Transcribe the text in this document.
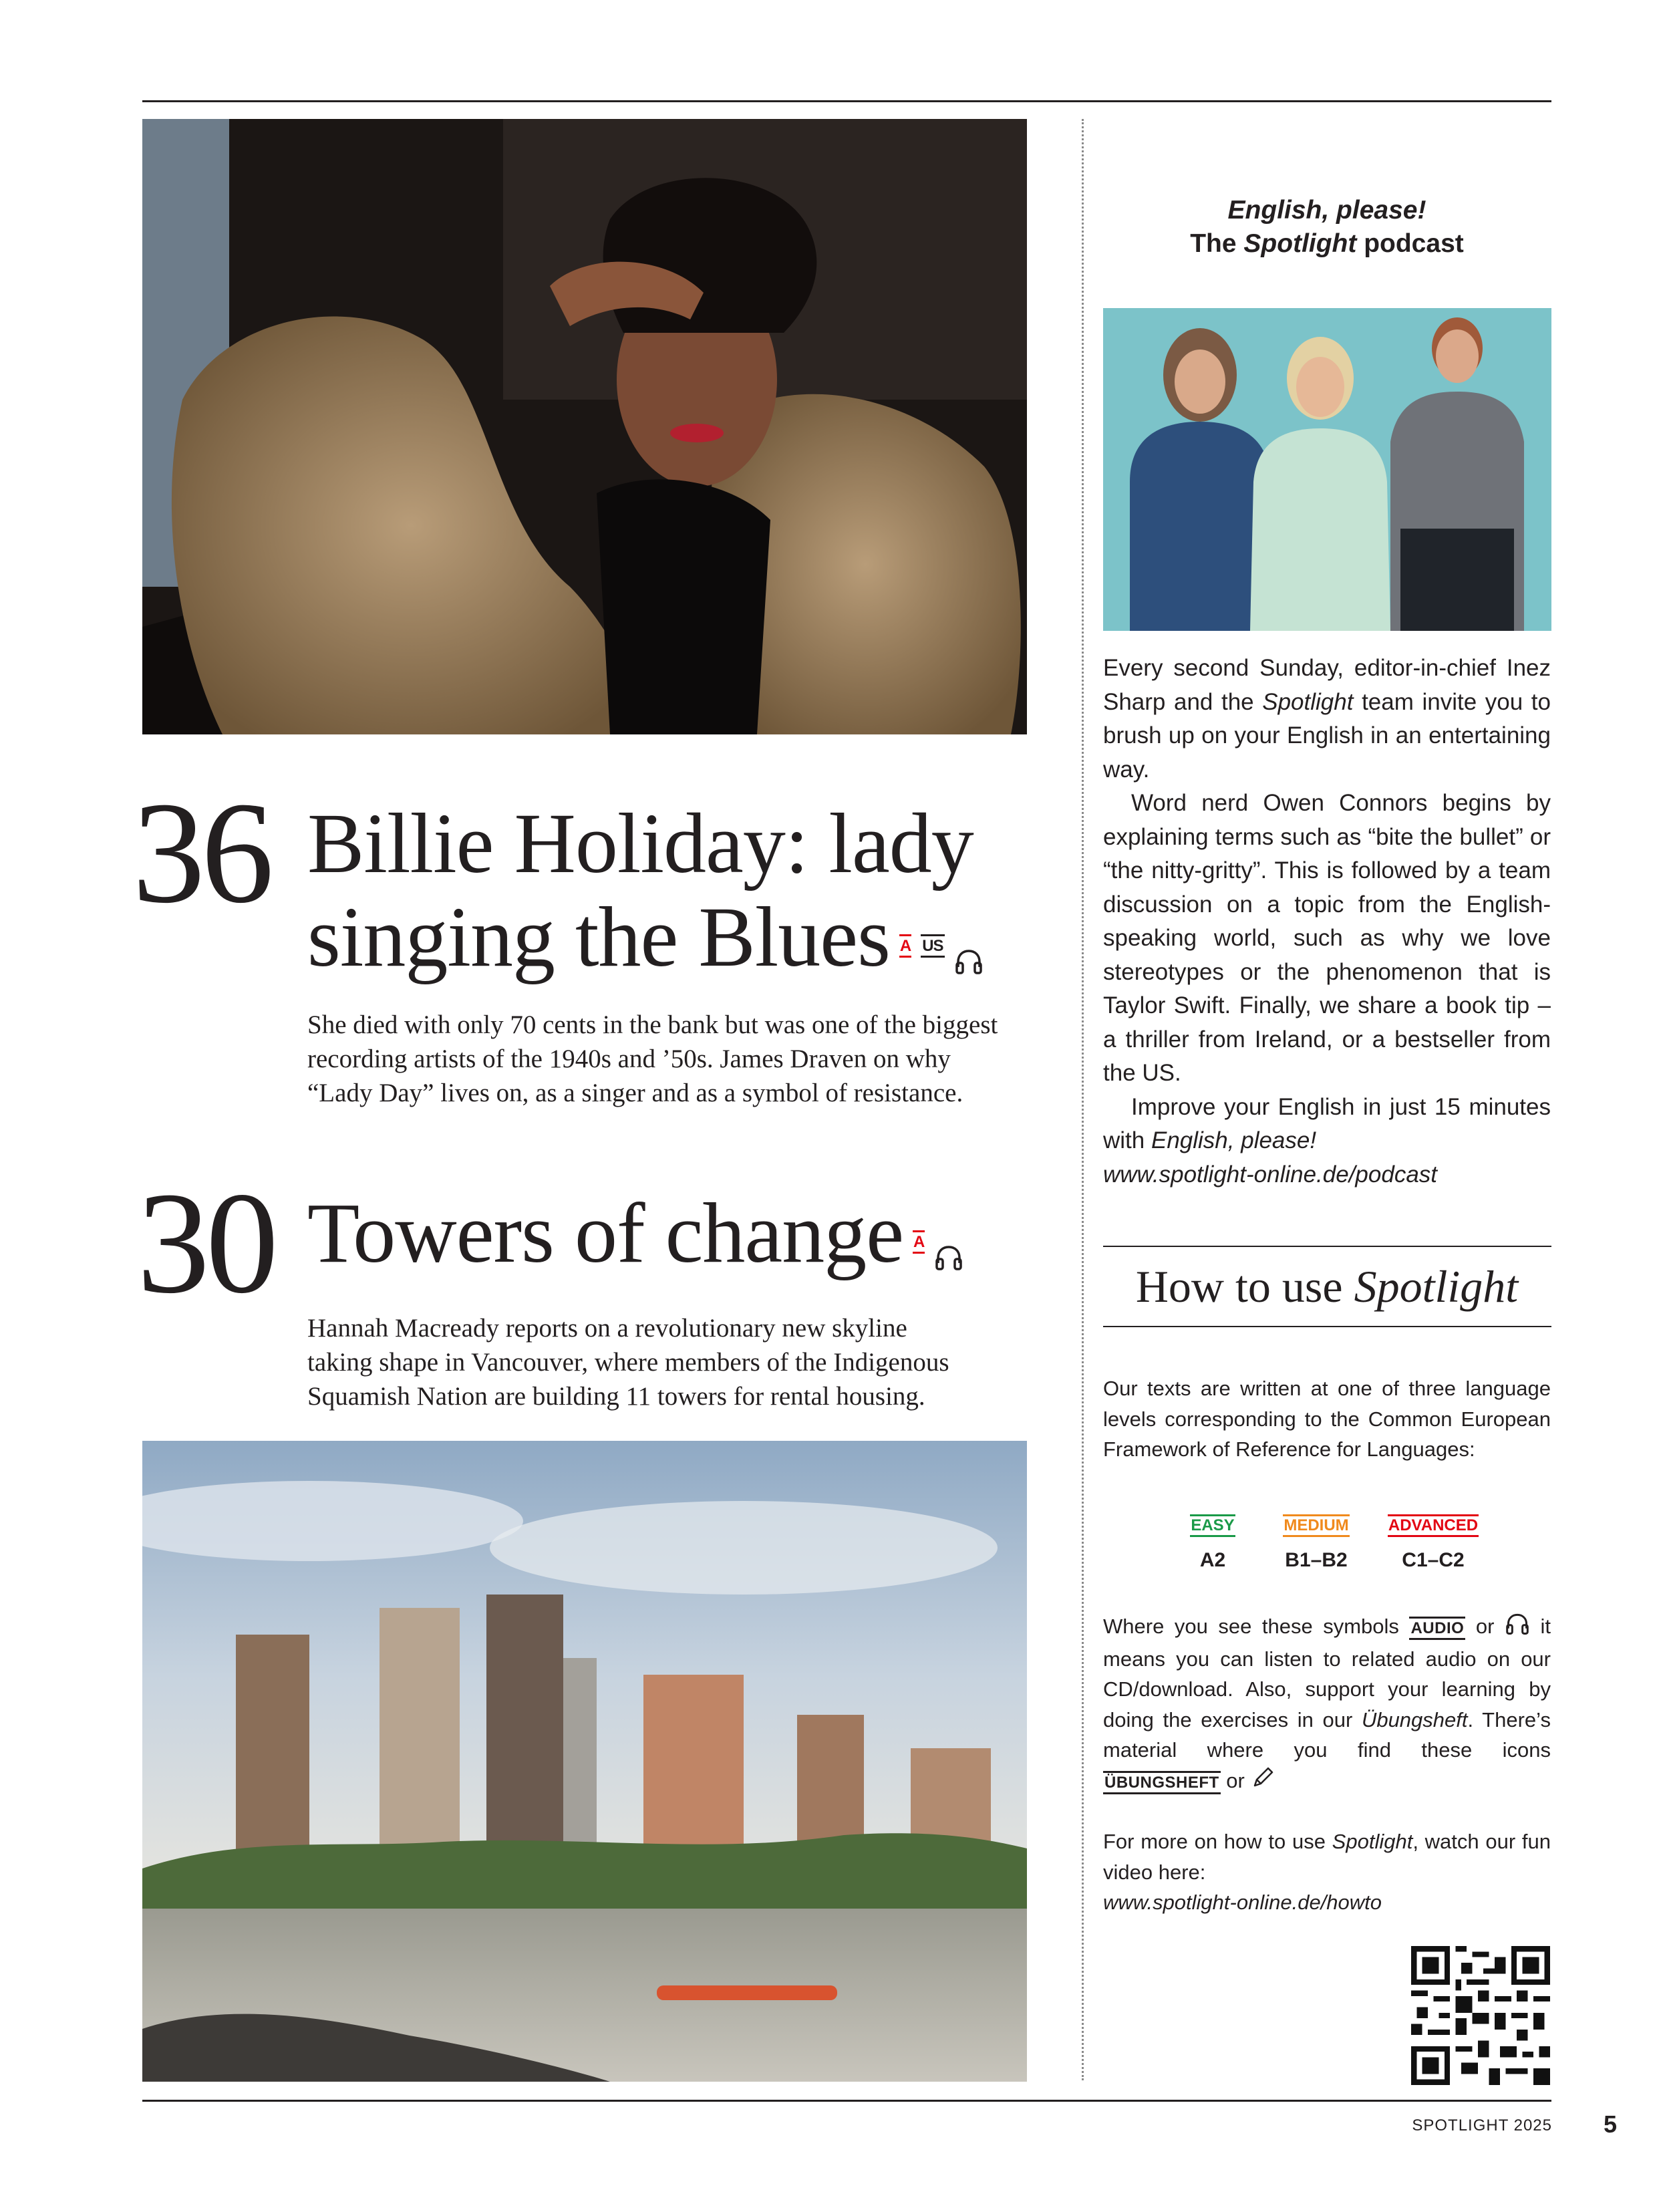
36 Billie Holiday: lady
singing the Blues A US
She died with only 70 cents in the bank but was one of the biggest
recording artists of the 1940s and ’50s. James Draven on why
“Lady Day” lives on, as a singer and as a symbol of resistance.
30 Towers of change A
Hannah Macready reports on a revolutionary new skyline
taking shape in Vancouver, where members of the Indigenous
Squamish Nation are building 11 towers for rental housing.
English, please!
The Spotlight podcast

Every second Sunday, editor-in-chief Inez Sharp and the Spotlight team invite you to brush up on your English in an entertaining way.

Word nerd Owen Connors begins by explaining terms such as “bite the bullet” or “the nitty-gritty”. This is followed by a team discussion on a topic from the English-speaking world, such as why we love stereotypes or the phenomenon that is Taylor Swift. Finally, we share a book tip – a thriller from Ireland, or a bestseller from the US.

Improve your English in just 15 minutes with English, please!

www.spotlight-online.de/podcast

How to use Spotlight
Our texts are written at one of three language levels corresponding to the Common European Framework of Reference for Languages:
EASY
A2
MEDIUM
B1–B2
ADVANCED
C1–C2

Where you see these symbols AUDIO or it means you can listen to related audio on our CD/download. Also, support your learning by doing the exercises in our Übungsheft. There’s material where you find these icons ÜBUNGSHEFT or

For more on how to use Spotlight, watch our fun video here:

www.spotlight-online.de/howto

SPOTLIGHT 2025 5
